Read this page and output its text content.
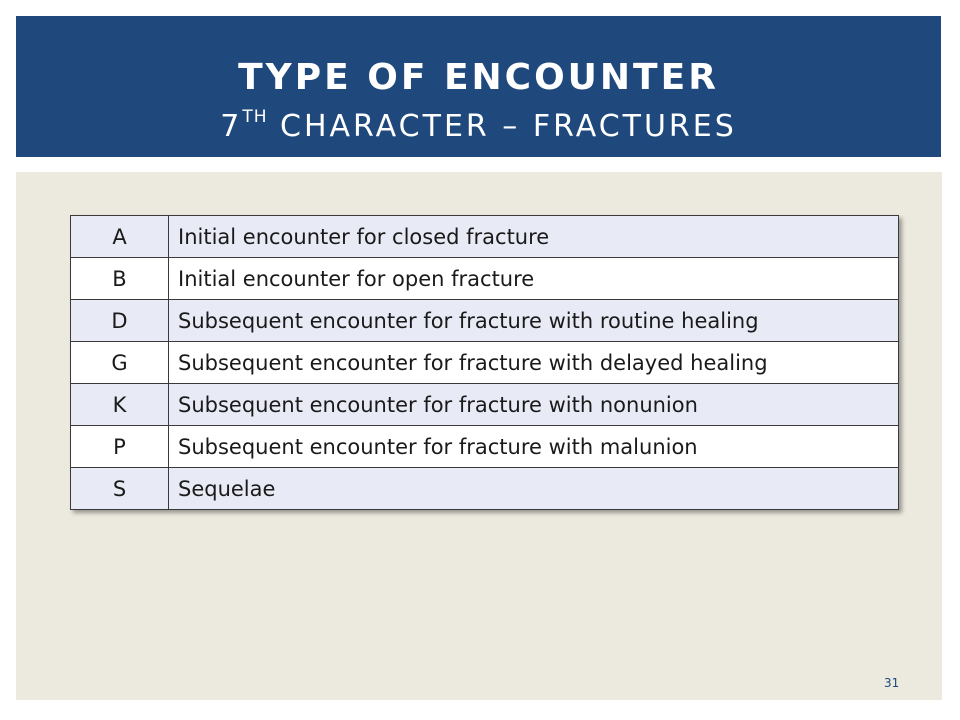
TYPE OF ENCOUNTER
7TH CHARACTER – FRACTURES
A	Initial encounter for closed fracture
B	Initial encounter for open fracture
D	Subsequent encounter for fracture with routine healing
G	Subsequent encounter for fracture with delayed healing
K	Subsequent encounter for fracture with nonunion
P	Subsequent encounter for fracture with malunion
S	Sequelae
31
